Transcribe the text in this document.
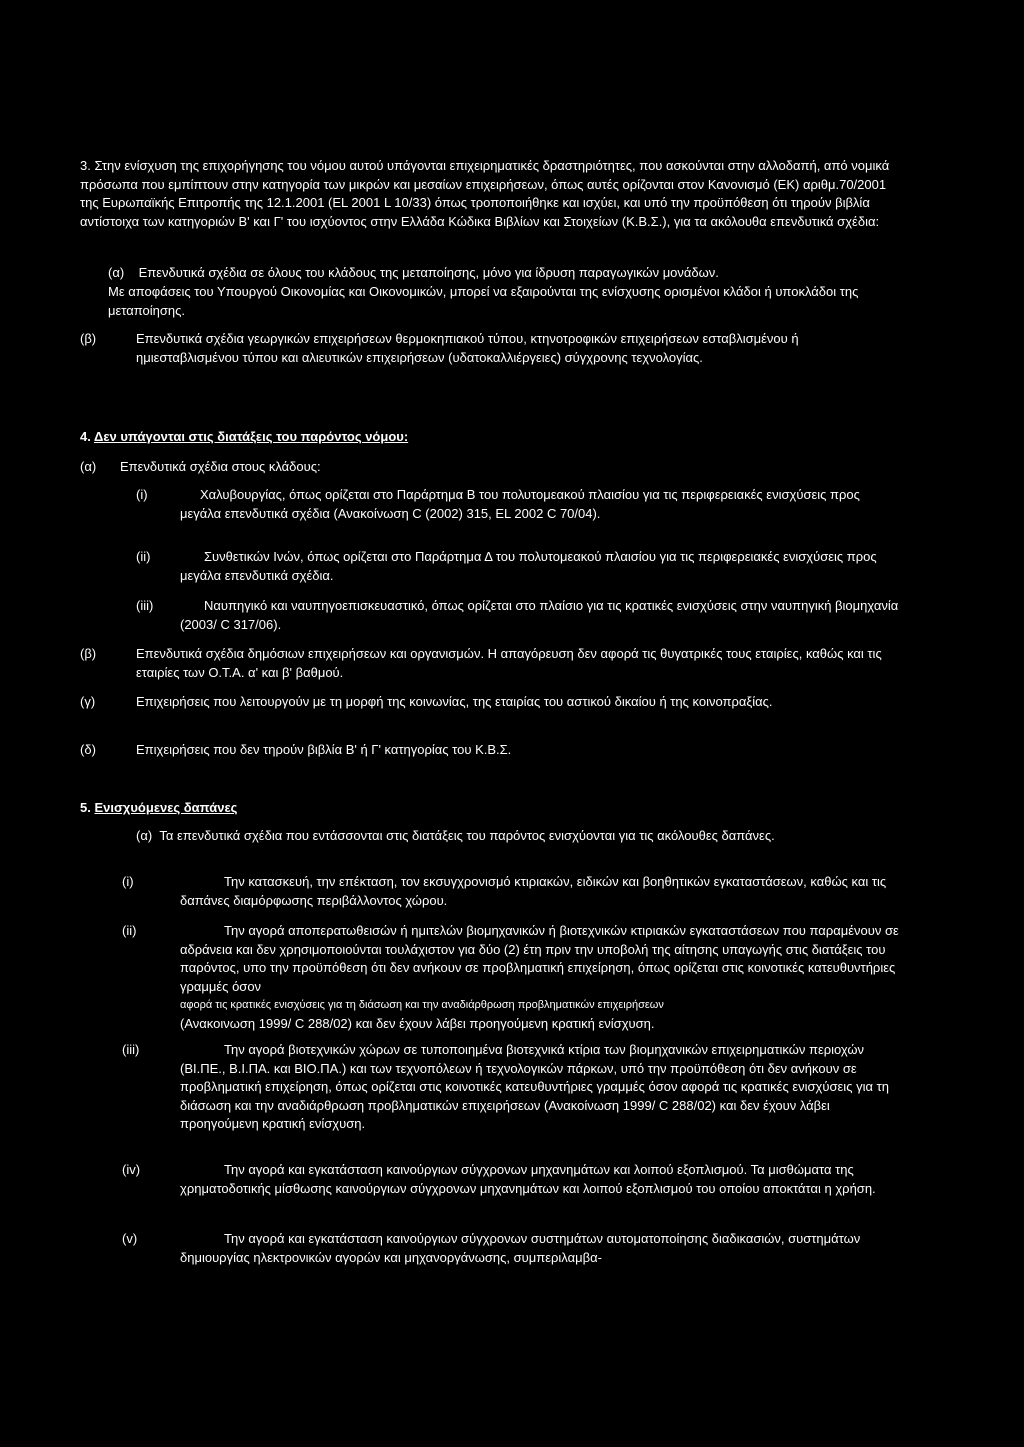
3. Στην ενίσχυση της επιχορήγησης του νόμου αυτού υπάγονται επιχειρηματικές δραστηριότητες, που ασκούνται στην αλλοδαπή, από νομικά πρόσωπα που εμπίπτουν στην κατηγορία των μικρών και μεσαίων επιχειρήσεων, όπως αυτές ορίζονται στον Κανονισμό (ΕΚ) αριθμ.70/2001 της Ευρωπαϊκής Επιτροπής της 12.1.2001 (EL 2001 L 10/33) όπως τροποποιήθηκε και ισχύει, και υπό την προϋπόθεση ότι τηρούν βιβλία αντίστοιχα των κατηγοριών Β' και Γ' του ισχύοντος στην Ελλάδα Κώδικα Βιβλίων και Στοιχείων (Κ.Β.Σ.), για τα ακόλουθα επενδυτικά σχέδια:

(α)    Επενδυτικά σχέδια σε όλους του κλάδους της μεταποίησης, μόνο για ίδρυση παραγωγικών μονάδων.

Με αποφάσεις του Υπουργού Οικονομίας και Οικονομικών, μπορεί να εξαιρούνται της ενίσχυσης ορισμένοι κλάδοι ή υποκλάδοι της μεταποίησης.

(β)	Επενδυτικά σχέδια γεωργικών επιχειρήσεων θερμοκηπιακού τύπου, κτηνοτροφικών επιχειρήσεων εσταβλισμένου ή ημιεσταβλισμένου τύπου και αλιευτικών επιχειρήσεων (υδατοκαλλιέργειες) σύγχρονης τεχνολογίας.

4. Δεν υπάγονται στις διατάξεις του παρόντος νόμου:
(α) Επενδυτικά σχέδια στους κλάδους:

(i)	Χαλυβουργίας, όπως ορίζεται στο Παράρτημα Β του πολυτομεακού πλαισίου για τις περιφερειακές ενισχύσεις προς μεγάλα επενδυτικά σχέδια (Ανακοίνωση C (2002) 315, EL 2002 C 70/04).

(ii)	Συνθετικών Ινών, όπως ορίζεται στο Παράρτημα Δ του πολυτομεακού πλαισίου για τις περιφερειακές ενισχύσεις προς μεγάλα επενδυτικά σχέδια.

(iii)	Ναυπηγικό και ναυπηγοεπισκευαστικό, όπως ορίζεται στο πλαίσιο για τις κρατικές ενισχύσεις στην ναυπηγική βιομηχανία (2003/ C 317/06).

(β)	Επενδυτικά σχέδια δημόσιων επιχειρήσεων και οργανισμών. Η απαγόρευση δεν αφορά τις θυγατρικές τους εταιρίες, καθώς και τις εταιρίες των Ο.Τ.Α. α' και β' βαθμού.

(γ)	Επιχειρήσεις που λειτουργούν με τη μορφή της κοινωνίας, της εταιρίας του αστικού δικαίου ή της κοινοπραξίας.

(δ)	Επιχειρήσεις που δεν τηρούν βιβλία Β' ή Γ' κατηγορίας του Κ.Β.Σ.

5. Ενισχυόμενες δαπάνες

(α)  Τα επενδυτικά σχέδια που εντάσσονται στις διατάξεις του παρόντος ενισχύονται για τις ακόλουθες δαπάνες.

(i)	Την κατασκευή, την επέκταση, τον εκσυγχρονισμό κτιριακών, ειδικών και βοηθητικών εγκαταστάσεων, καθώς και τις δαπάνες διαμόρφωσης περιβάλλοντος χώρου.

(ii)	Την αγορά αποπερατωθεισών ή ημιτελών βιομηχανικών ή βιοτεχνικών κτιριακών εγκαταστάσεων που παραμένουν σε αδράνεια και δεν χρησιμοποιούνται τουλάχιστον για δύο (2) έτη πριν την υποβολή της αίτησης υπαγωγής στις διατάξεις του παρόντος, υπο την προϋπόθεση ότι δεν ανήκουν σε προβληματική επιχείρηση, όπως ορίζεται στις κοινοτικές κατευθυντήριες γραμμές όσον

αφορά τις κρατικές ενισχύσεις για τη διάσωση και την αναδιάρθρωση προβληματικών επιχειρήσεων

(Ανακοινωση 1999/ C 288/02) και δεν έχουν λάβει προηγούμενη κρατική ενίσχυση.

(iii)	Την αγορά βιοτεχνικών χώρων σε τυποποιημένα βιοτεχνικά κτίρια των βιομηχανικών επιχειρηματικών περιοχών (ΒΙ.ΠΕ., Β.Ι.ΠΑ. και ΒΙΟ.ΠΑ.) και των τεχνοπόλεων ή τεχνολογικών πάρκων, υπό την προϋπόθεση ότι δεν ανήκουν σε προβληματική επιχείρηση, όπως ορίζεται στις κοινοτικές κατευθυντήριες γραμμές όσον αφορά τις κρατικές ενισχύσεις για τη διάσωση και την αναδιάρθρωση προβληματικών επιχειρήσεων (Ανακοίνωση 1999/ C 288/02) και δεν έχουν λάβει προηγούμενη κρατική ενίσχυση.

(iv)	Την αγορά και εγκατάσταση καινούργιων σύγχρονων μηχανημάτων και λοιπού εξοπλισμού. Τα μισθώματα της χρηματοδοτικής μίσθωσης καινούργιων σύγχρονων μηχανημάτων και λοιπού εξοπλισμού του οποίου αποκτάται η χρήση.

(v)	Την αγορά και εγκατάσταση καινούργιων σύγχρονων συστημάτων αυτοματοποίησης διαδικασιών, συστημάτων δημιουργίας ηλεκτρονικών αγορών και μηχανοργάνωσης, συμπεριλαμβα-
